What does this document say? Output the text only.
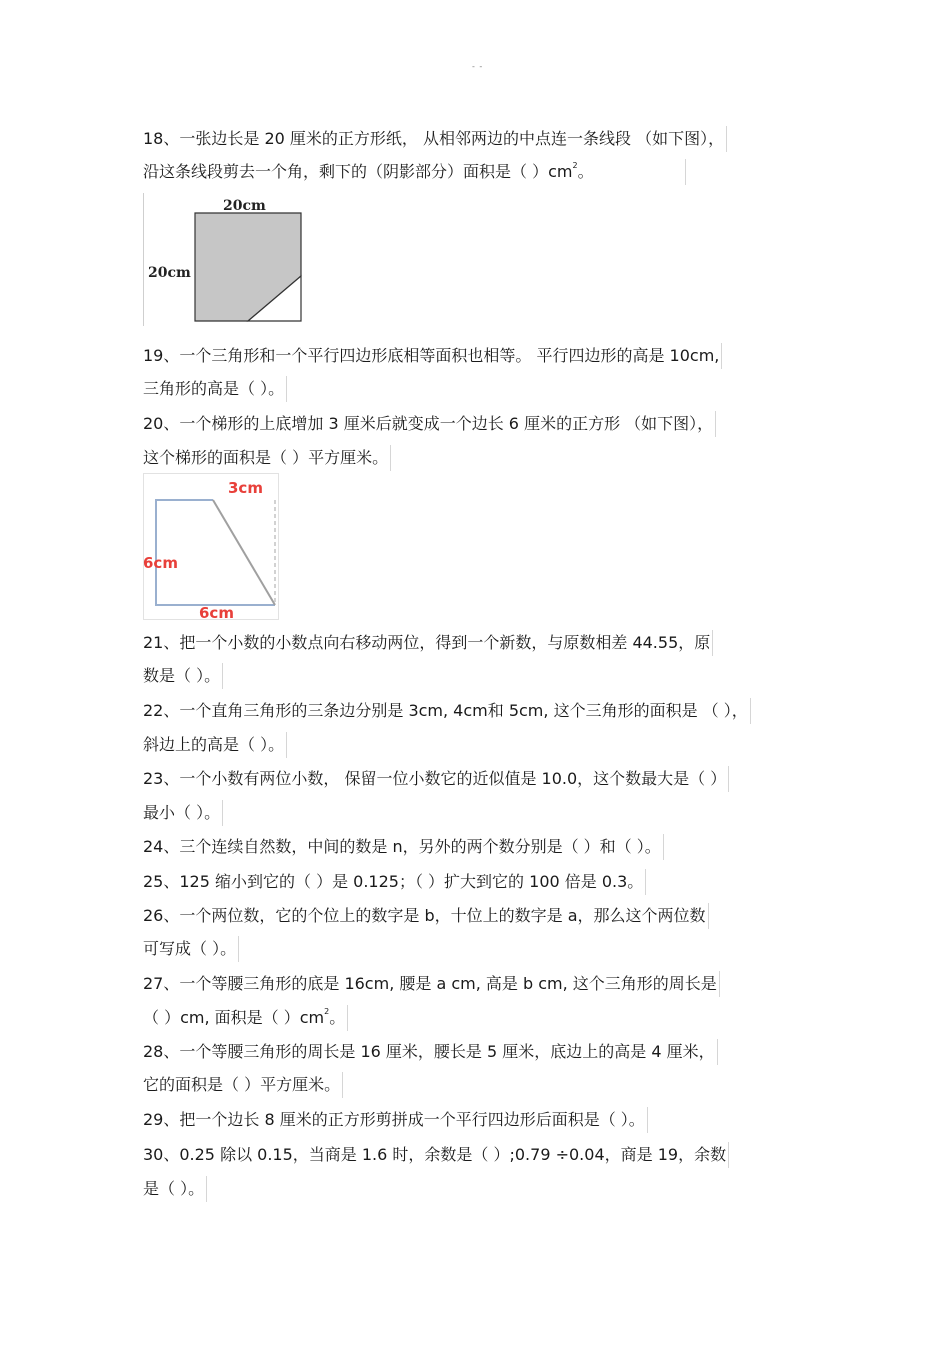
- -
18、一张边长是 20 厘米的正方形纸， 从相邻两边的中点连一条线段 （如下图），
沿这条线段剪去一个角，剩下的（阴影部分）面积是（ ）$cm^2$。
20cm
20cm
19、一个三角形和一个平行四边形底相等面积也相等。 平行四边形的高是 10cm,
三角形的高是（ ）。
20、一个梯形的上底增加 3 厘米后就变成一个边长 6 厘米的正方形 （如下图），
这个梯形的面积是（ ）平方厘米。
3cm
6cm
6cm
21、把一个小数的小数点向右移动两位，得到一个新数，与原数相差 44.55，原
数是（ ）。
22、一个直角三角形的三条边分别是 3cm, 4cm和 5cm, 这个三角形的面积是 （ ），
斜边上的高是（ ）。
23、一个小数有两位小数， 保留一位小数它的近似值是 10.0，这个数最大是（ ）
最小（ ）。
24、三个连续自然数，中间的数是 n，另外的两个数分别是（ ）和（ ）。
25、125 缩小到它的（ ）是 0.125；（ ）扩大到它的 100 倍是 0.3。
26、一个两位数，它的个位上的数字是 b，十位上的数字是 a，那么这个两位数
可写成（ ）。
27、一个等腰三角形的底是 16cm, 腰是 a cm, 高是 b cm, 这个三角形的周长是
（ ）cm, 面积是（ ）$cm^2$。
28、一个等腰三角形的周长是 16 厘米，腰长是 5 厘米，底边上的高是 4 厘米，
它的面积是（ ）平方厘米。
29、把一个边长 8 厘米的正方形剪拼成一个平行四边形后面积是（ ）。
30、0.25 除以 0.15，当商是 1.6 时，余数是（ ）;0.79 ÷0.04，商是 19，余数
是（ ）。
